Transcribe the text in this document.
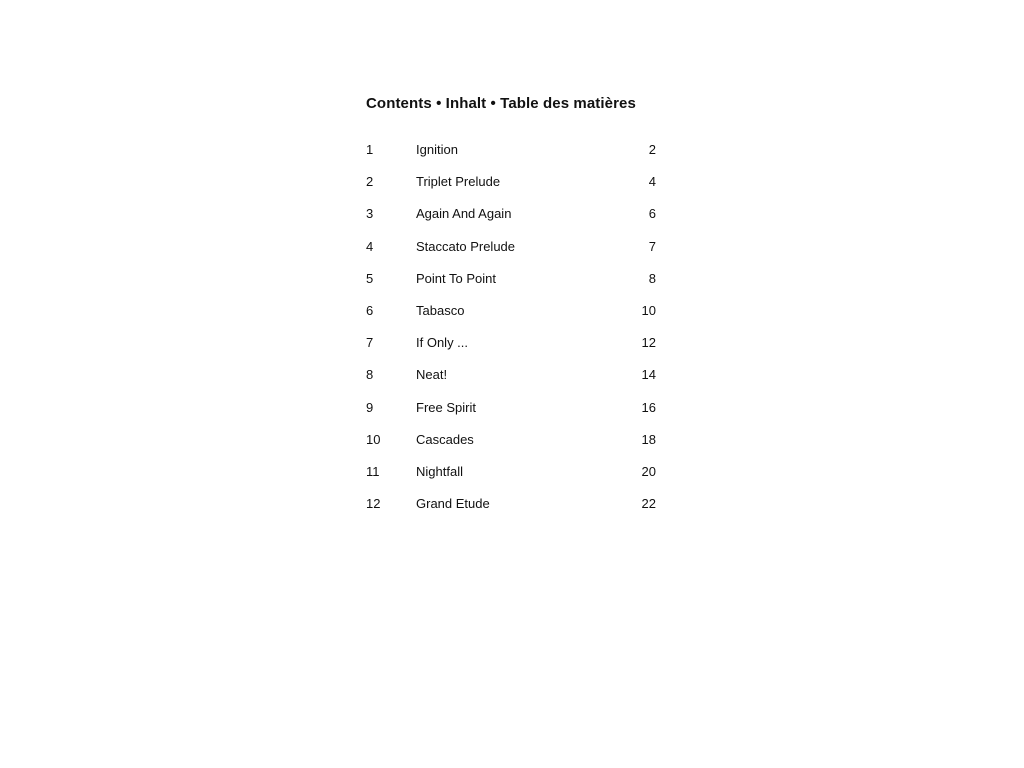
Contents • Inhalt • Table des matières
1	Ignition	2
2	Triplet Prelude	4
3	Again And Again	6
4	Staccato Prelude	7
5	Point To Point	8
6	Tabasco	10
7	If Only ...	12
8	Neat!	14
9	Free Spirit	16
10	Cascades	18
11	Nightfall	20
12	Grand Etude	22
